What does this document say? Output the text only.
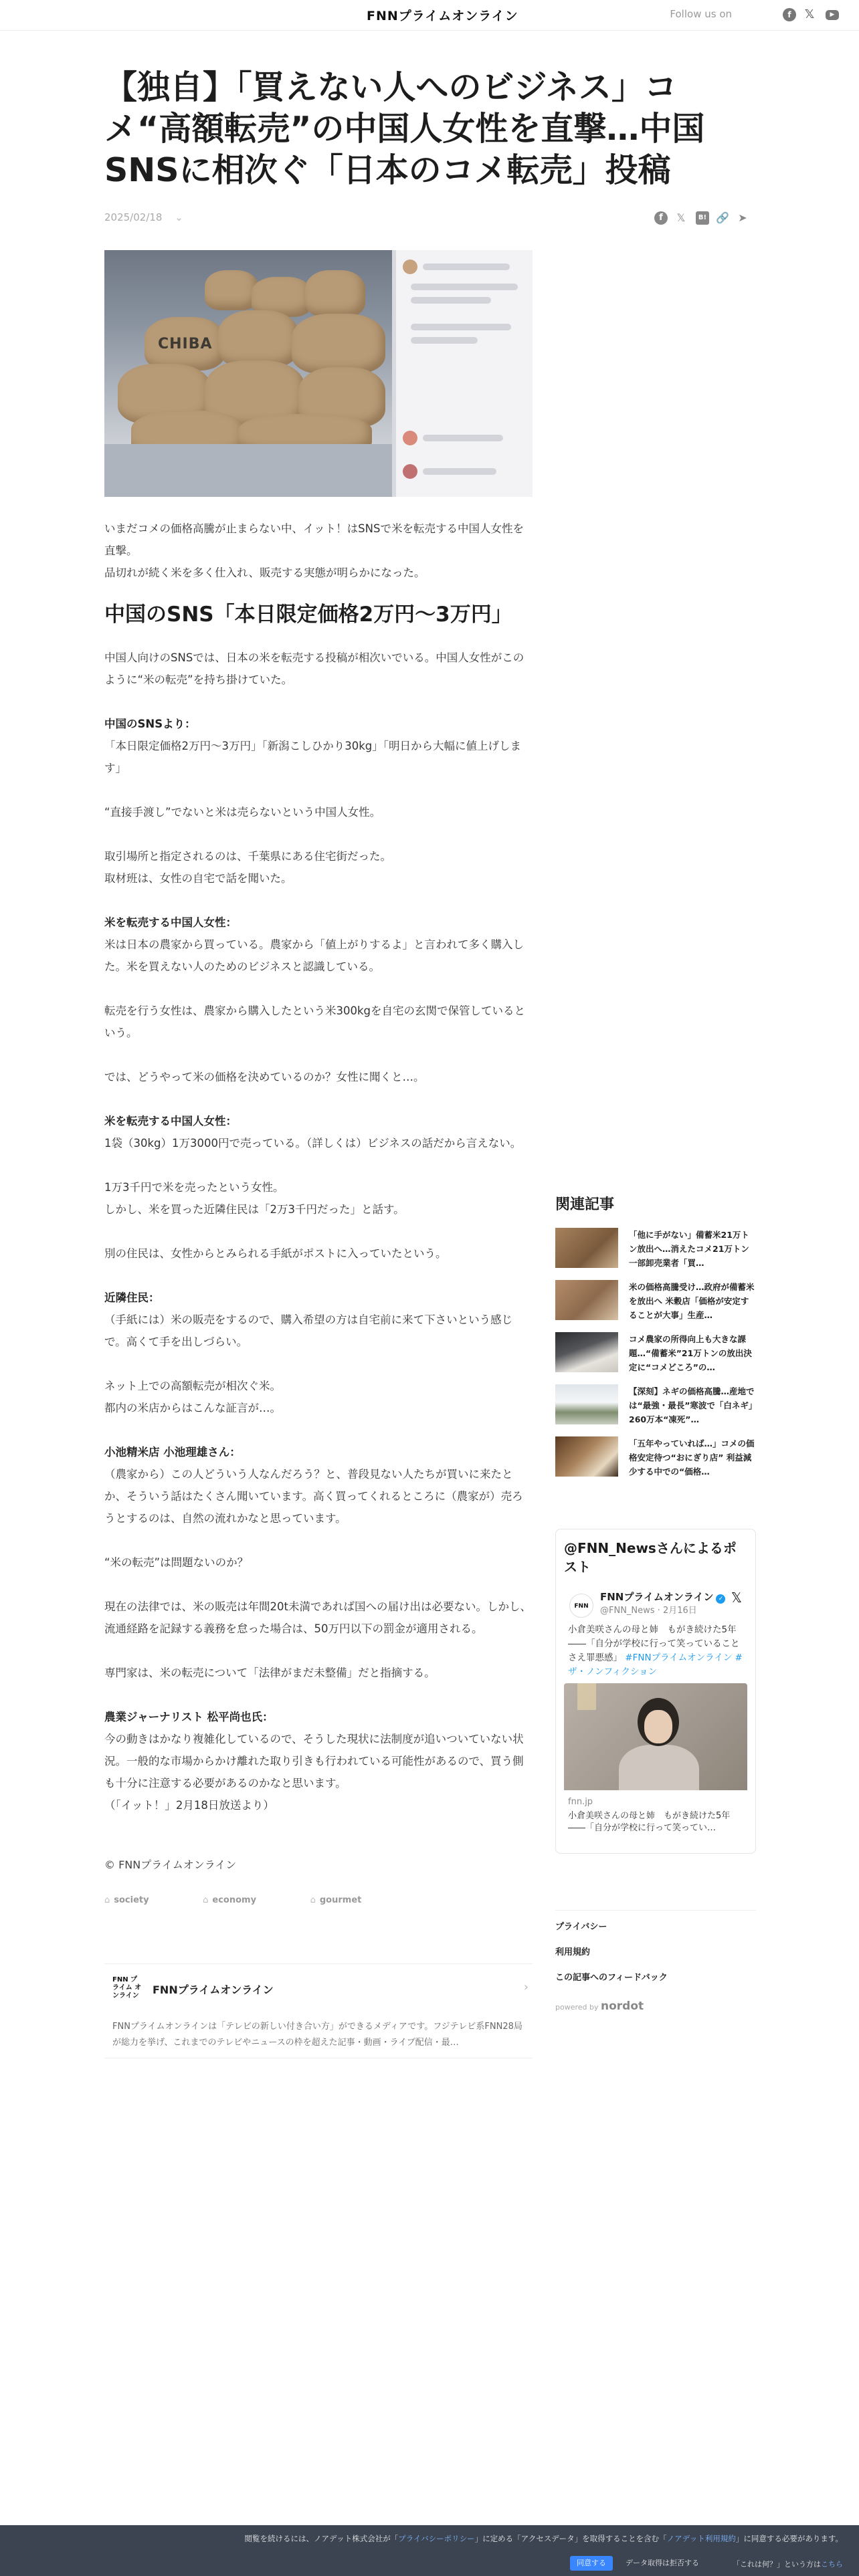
FNNプライムオンライン	Follow us on	f	𝕏	▶
【独自】「買えない人へのビジネス」コメ“高額転売”の中国人女性を直撃…中国SNSに相次ぐ「日本のコメ転売」投稿
2025/02/18 ⌄	f	𝕏	B! 🔗 ➤
CHIBA

いまだコメの価格高騰が止まらない中、イット！はSNSで米を転売する中国人女性を直撃。

品切れが続く米を多く仕入れ、販売する実態が明らかになった。

中国のSNS「本日限定価格2万円〜3万円」

中国人向けのSNSでは、日本の米を転売する投稿が相次いでいる。中国人女性がこのように“米の転売”を持ち掛けていた。

中国のSNSより：

「本日限定価格2万円〜3万円」「新潟こしひかり30kg」「明日から大幅に値上げします」

“直接手渡し”でないと米は売らないという中国人女性。

取引場所と指定されるのは、千葉県にある住宅街だった。

取材班は、女性の自宅で話を聞いた。

米を転売する中国人女性：

米は日本の農家から買っている。農家から「値上がりするよ」と言われて多く購入した。米を買えない人のためのビジネスと認識している。

転売を行う女性は、農家から購入したという米300kgを自宅の玄関で保管しているという。

では、どうやって米の価格を決めているのか？女性に聞くと…。

米を転売する中国人女性：

1袋（30kg）1万3000円で売っている。（詳しくは）ビジネスの話だから言えない。

1万3千円で米を売ったという女性。

しかし、米を買った近隣住民は「2万3千円だった」と話す。

別の住民は、女性からとみられる手紙がポストに入っていたという。

近隣住民：

（手紙には）米の販売をするので、購入希望の方は自宅前に来て下さいという感じで。高くて手を出しづらい。

ネット上での高額転売が相次ぐ米。

都内の米店からはこんな証言が…。

小池精米店 小池理雄さん：

（農家から）この人どういう人なんだろう？と、普段見ない人たちが買いに来たとか、そういう話はたくさん聞いています。高く買ってくれるところに（農家が）売ろうとするのは、自然の流れかなと思っています。

“米の転売”は問題ないのか？

現在の法律では、米の販売は年間20t未満であれば国への届け出は必要ない。しかし、流通経路を記録する義務を怠った場合は、50万円以下の罰金が適用される。

専門家は、米の転売について「法律がまだ未整備」だと指摘する。

農業ジャーナリスト 松平尚也氏：

今の動きはかなり複雑化しているので、そうした現状に法制度が追いついていない状況。一般的な市場からかけ離れた取り引きも行われている可能性があるので、買う側も十分に注意する必要があるのかなと思います。

（「イット！」2月18日放送より）

© FNNプライムオンライン
⌂ society	⌂ economy	⌂ gourmet
FNN プライム オンライン FNNプライムオンライン	›
FNNプライムオンラインは「テレビの新しい付き合い方」ができるメディアです。フジテレビ系FNN28局が総力を挙げ、これまでのテレビやニュースの枠を超えた記事・動画・ライブ配信・最…
関連記事
「他に手がない」備蓄米21万トン放出へ…消えたコメ21万トン 一部卸売業者「買…
米の価格高騰受け…政府が備蓄米を放出へ 米穀店「価格が安定することが大事」生産…
コメ農家の所得向上も大きな課題…“備蓄米”21万トンの放出決定に“コメどころ”の…
【深刻】ネギの価格高騰…産地では“最強・最長”寒波で「白ネギ」260万本“凍死”…
「五年やっていれば…」コメの価格安定待つ“おにぎり店” 利益減少する中での“価格…
@FNN_Newsさんによるポスト
FNN
FNNプライムオンライン ✓
@FNN_News · 2月16日
𝕏
小倉美咲さんの母と姉　もがき続けた5年――「自分が学校に行って笑っていることさえ罪悪感」 #FNNプライムオンライン #ザ・ノンフィクション
fnn.jp
小倉美咲さんの母と姉　もがき続けた5年――「自分が学校に行って笑ってい…
プライバシー
利用規約
この記事へのフィードバック
powered by nordot
閲覧を続けるには、ノアデット株式会社が「プライバシーポリシー」に定める「アクセスデータ」を取得することを含む「ノアデット利用規約」に同意する必要があります。
同意する	データ取得は拒否する	「これは何？」という方はこちら
